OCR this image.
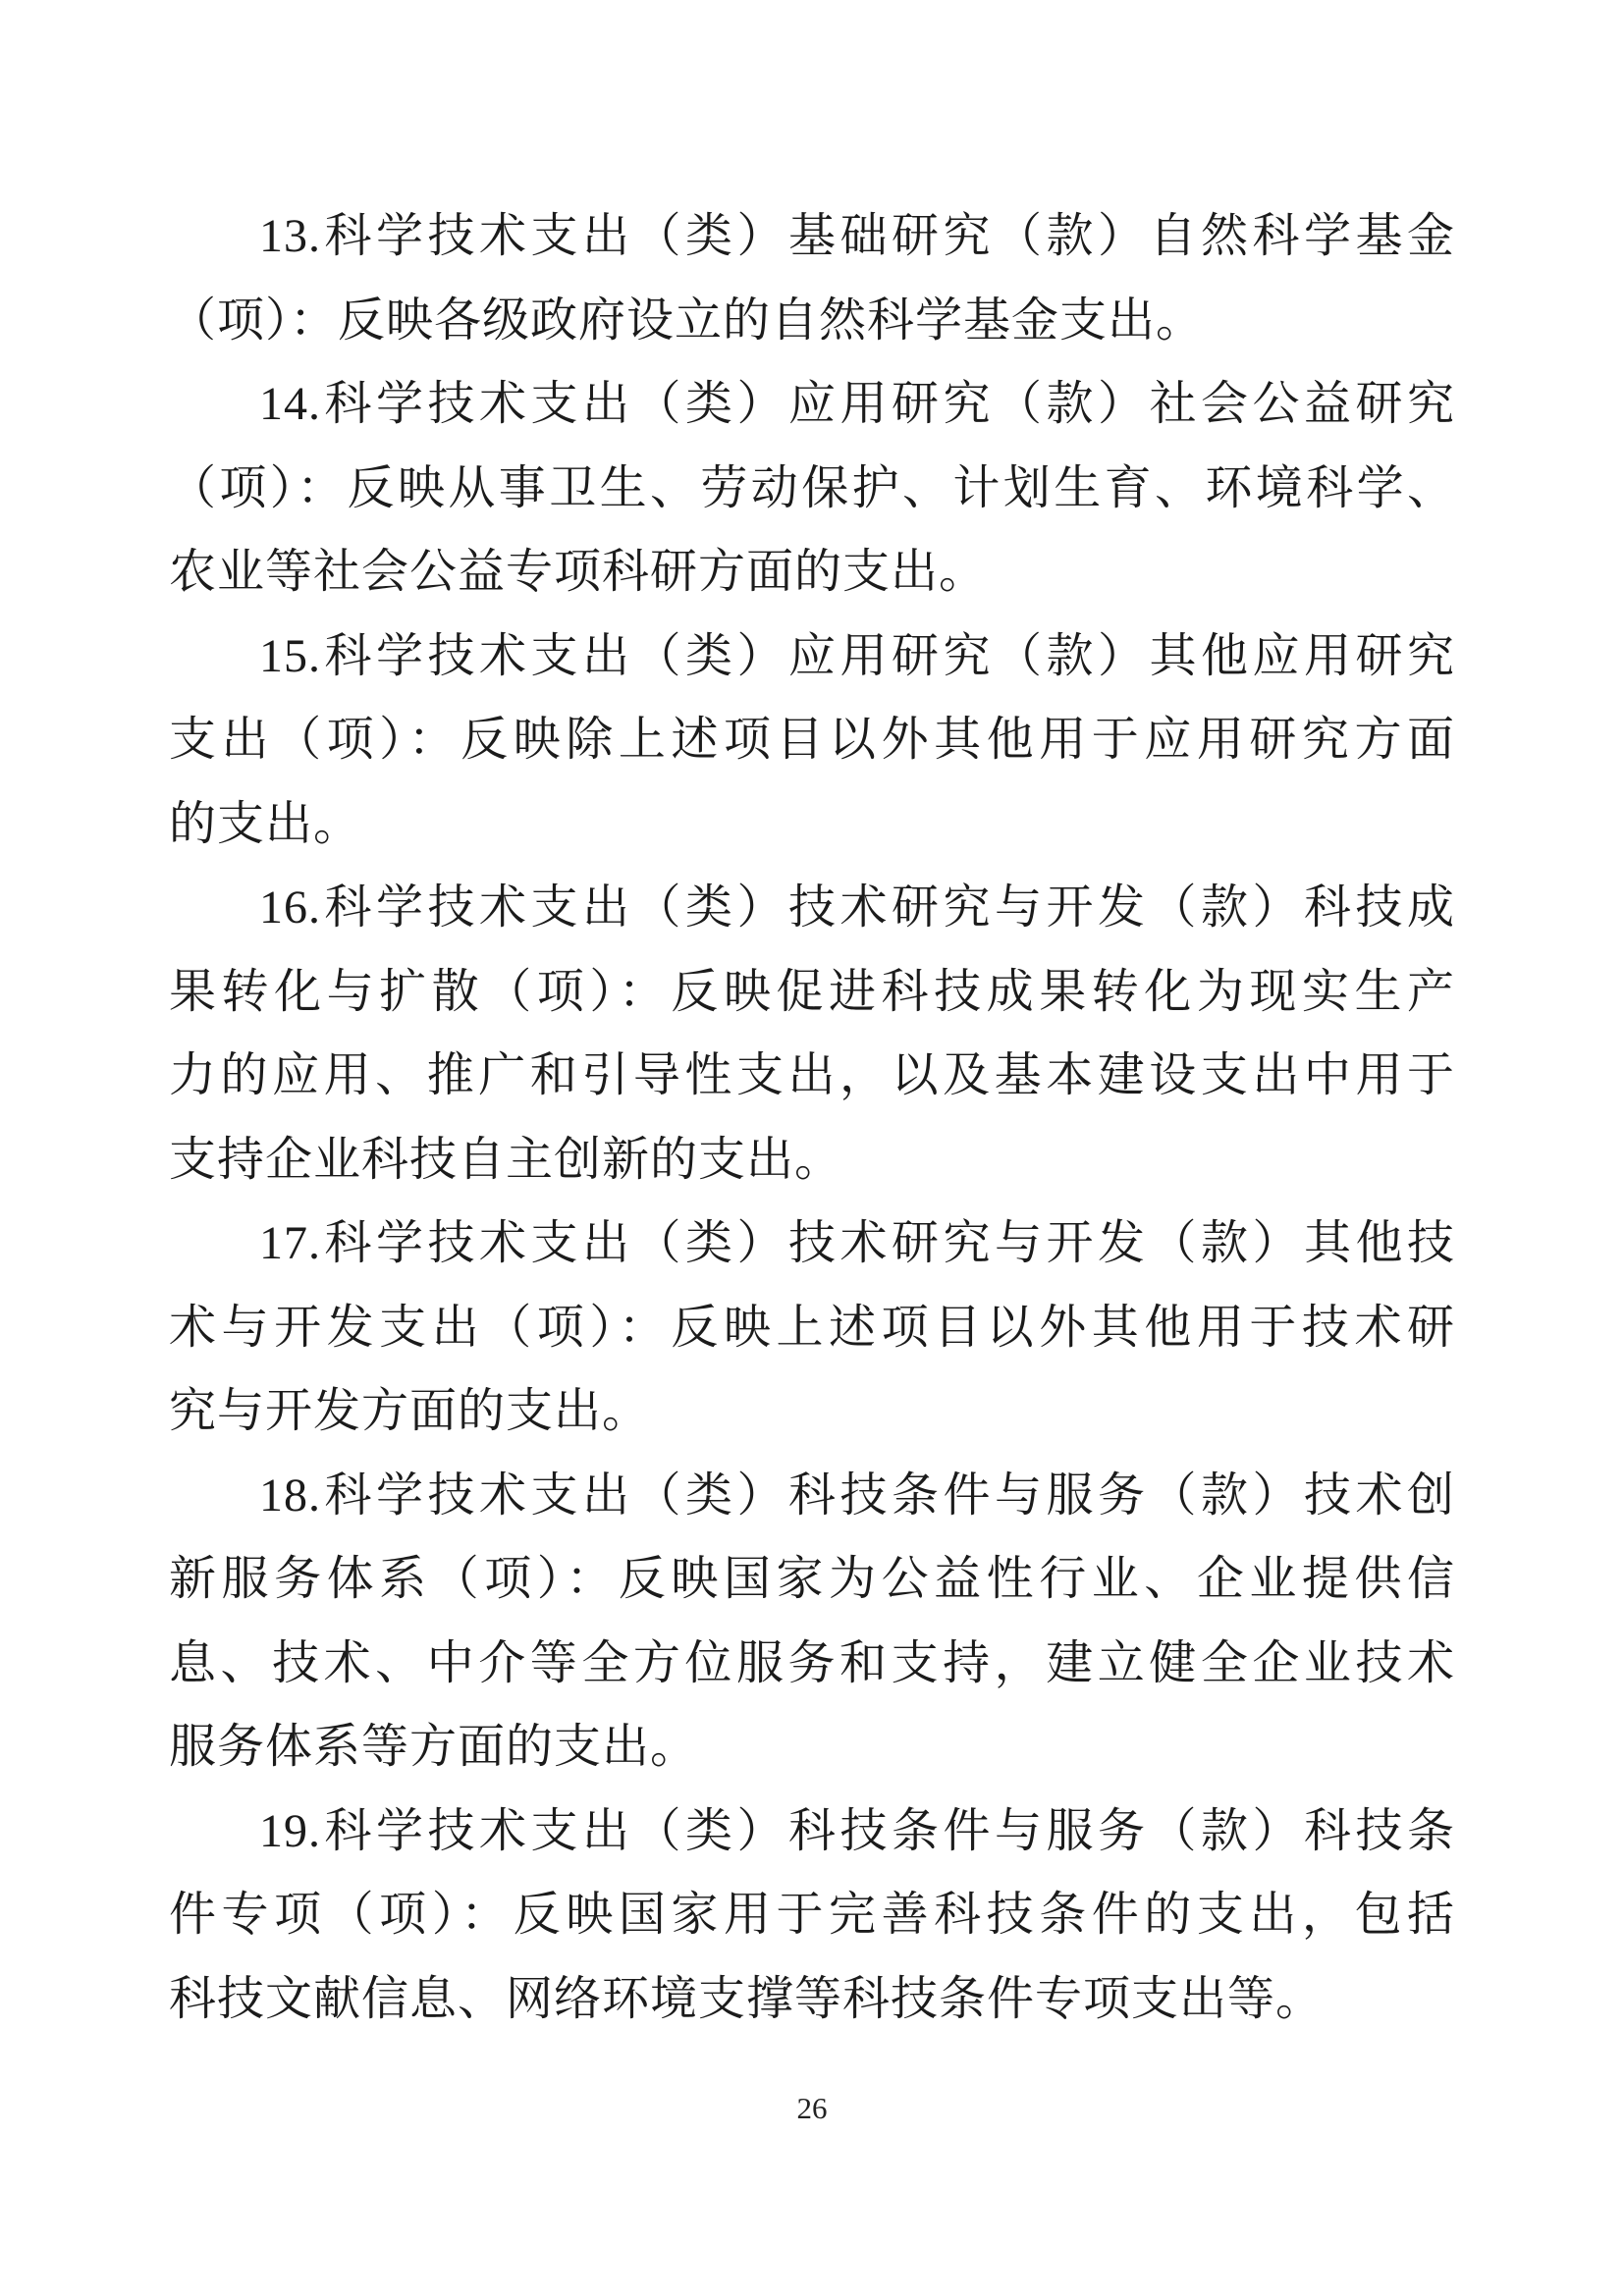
13.科学技术支出（类）基础研究（款）自然科学基金
（项）：反映各级政府设立的自然科学基金支出。
14.科学技术支出（类）应用研究（款）社会公益研究
（项）：反映从事卫生、劳动保护、计划生育、环境科学、
农业等社会公益专项科研方面的支出。
15.科学技术支出（类）应用研究（款）其他应用研究
支出（项）：反映除上述项目以外其他用于应用研究方面
的支出。
16.科学技术支出（类）技术研究与开发（款）科技成
果转化与扩散（项）：反映促进科技成果转化为现实生产
力的应用、推广和引导性支出，以及基本建设支出中用于
支持企业科技自主创新的支出。
17.科学技术支出（类）技术研究与开发（款）其他技
术与开发支出（项）：反映上述项目以外其他用于技术研
究与开发方面的支出。
18.科学技术支出（类）科技条件与服务（款）技术创
新服务体系（项）：反映国家为公益性行业、企业提供信
息、技术、中介等全方位服务和支持，建立健全企业技术
服务体系等方面的支出。
19.科学技术支出（类）科技条件与服务（款）科技条
件专项（项）：反映国家用于完善科技条件的支出，包括
科技文献信息、网络环境支撑等科技条件专项支出等。
26
